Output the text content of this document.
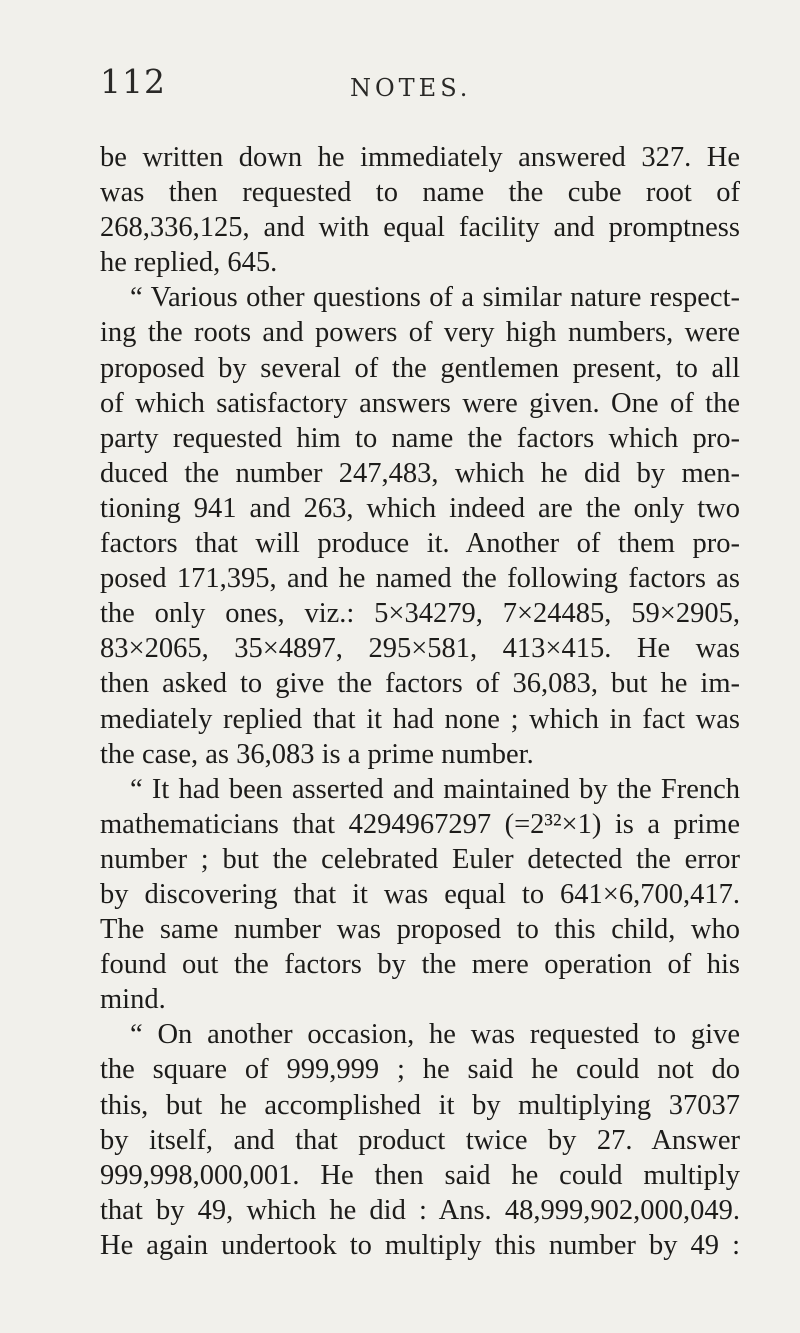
112	NOTES.
be written down he immediately answered 327. He
was then requested to name the cube root of
268,336,125, and with equal facility and promptness
he replied, 645.
“ Various other questions of a similar nature respect-
ing the roots and powers of very high numbers, were
proposed by several of the gentlemen present, to all
of which satisfactory answers were given. One of the
party requested him to name the factors which pro-
duced the number 247,483, which he did by men-
tioning 941 and 263, which indeed are the only two
factors that will produce it. Another of them pro-
posed 171,395, and he named the following factors as
the only ones, viz.: 5×34279, 7×24485, 59×2905,
83×2065, 35×4897, 295×581, 413×415. He was
then asked to give the factors of 36,083, but he im-
mediately replied that it had none ; which in fact was
the case, as 36,083 is a prime number.
“ It had been asserted and maintained by the French
mathematicians that 4294967297 (=2³²×1) is a prime
number ; but the celebrated Euler detected the error
by discovering that it was equal to 641×6,700,417.
The same number was proposed to this child, who
found out the factors by the mere operation of his
mind.
“ On another occasion, he was requested to give
the square of 999,999 ; he said he could not do
this, but he accomplished it by multiplying 37037
by itself, and that product twice by 27. Answer
999,998,000,001. He then said he could multiply
that by 49, which he did : Ans. 48,999,902,000,049.
He again undertook to multiply this number by 49 :
